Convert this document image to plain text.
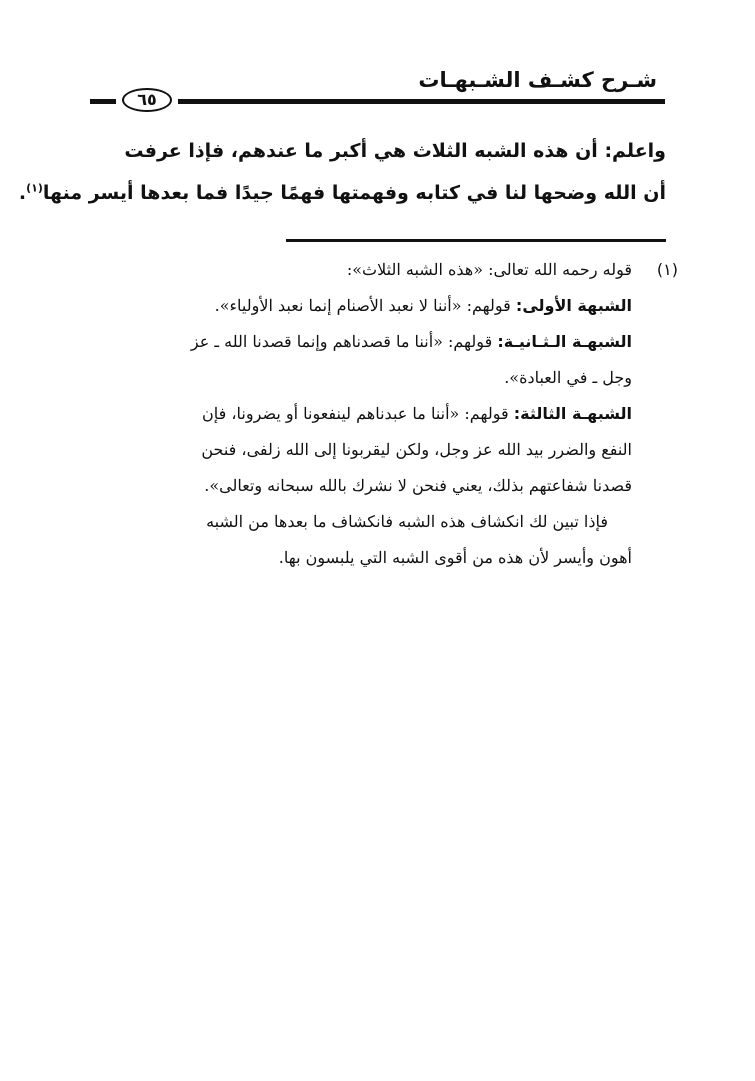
شـرح كشـف الشـبهـات
٦٥
واعلم: أن هذه الشبه الثلاث هي أكبر ما عندهم، فإذا عرفت
أن الله وضحها لنا في كتابه وفهمتها فهمًا جيدًا فما بعدها أيسر منها$^{(١)}$.
(١)قوله رحمه الله تعالى: «هذه الشبه الثلاث»:
الشبهة الأولى: قولهم: «أننا لا نعبد الأصنام إنما نعبد الأولياء».
الشبهـة الـثـانيـة: قولهم: «أننا ما قصدناهم وإنما قصدنا الله ـ عز
وجل ـ في العبادة».
الشبهـة الثالثة: قولهم: «أننا ما عبدناهم لينفعونا أو يضرونا، فإن
النفع والضرر بيد الله عز وجل، ولكن ليقربونا إلى الله زلفى، فنحن
قصدنا شفاعتهم بذلك، يعني فنحن لا نشرك بالله سبحانه وتعالى».
فإذا تبين لك انكشاف هذه الشبه فانكشاف ما بعدها من الشبه
أهون وأيسر لأن هذه من أقوى الشبه التي يلبسون بها.
